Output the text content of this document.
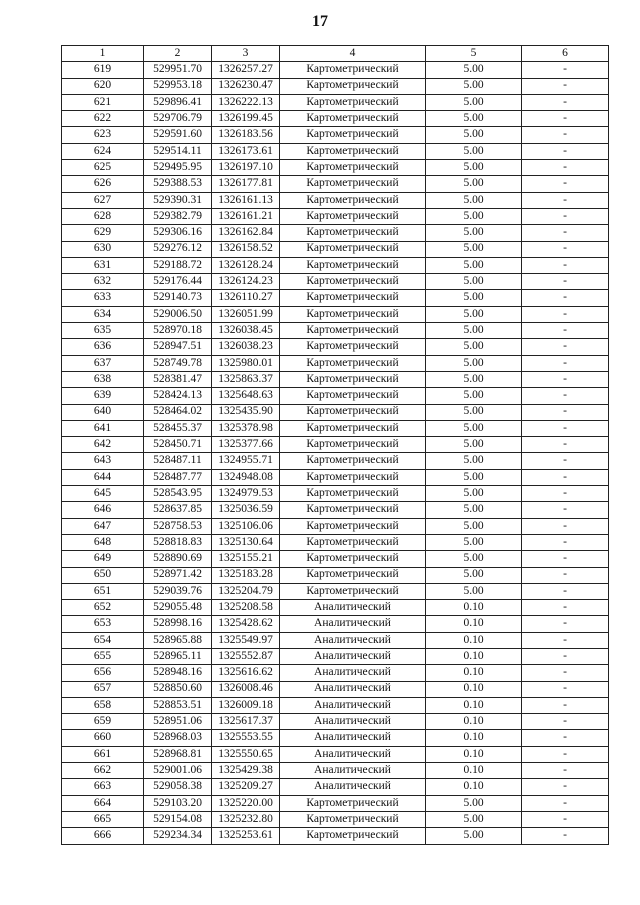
17
1	2	3	4	5	6
619	529951.70	1326257.27	Картометрический	5.00	-
620	529953.18	1326230.47	Картометрический	5.00	-
621	529896.41	1326222.13	Картометрический	5.00	-
622	529706.79	1326199.45	Картометрический	5.00	-
623	529591.60	1326183.56	Картометрический	5.00	-
624	529514.11	1326173.61	Картометрический	5.00	-
625	529495.95	1326197.10	Картометрический	5.00	-
626	529388.53	1326177.81	Картометрический	5.00	-
627	529390.31	1326161.13	Картометрический	5.00	-
628	529382.79	1326161.21	Картометрический	5.00	-
629	529306.16	1326162.84	Картометрический	5.00	-
630	529276.12	1326158.52	Картометрический	5.00	-
631	529188.72	1326128.24	Картометрический	5.00	-
632	529176.44	1326124.23	Картометрический	5.00	-
633	529140.73	1326110.27	Картометрический	5.00	-
634	529006.50	1326051.99	Картометрический	5.00	-
635	528970.18	1326038.45	Картометрический	5.00	-
636	528947.51	1326038.23	Картометрический	5.00	-
637	528749.78	1325980.01	Картометрический	5.00	-
638	528381.47	1325863.37	Картометрический	5.00	-
639	528424.13	1325648.63	Картометрический	5.00	-
640	528464.02	1325435.90	Картометрический	5.00	-
641	528455.37	1325378.98	Картометрический	5.00	-
642	528450.71	1325377.66	Картометрический	5.00	-
643	528487.11	1324955.71	Картометрический	5.00	-
644	528487.77	1324948.08	Картометрический	5.00	-
645	528543.95	1324979.53	Картометрический	5.00	-
646	528637.85	1325036.59	Картометрический	5.00	-
647	528758.53	1325106.06	Картометрический	5.00	-
648	528818.83	1325130.64	Картометрический	5.00	-
649	528890.69	1325155.21	Картометрический	5.00	-
650	528971.42	1325183.28	Картометрический	5.00	-
651	529039.76	1325204.79	Картометрический	5.00	-
652	529055.48	1325208.58	Аналитический	0.10	-
653	528998.16	1325428.62	Аналитический	0.10	-
654	528965.88	1325549.97	Аналитический	0.10	-
655	528965.11	1325552.87	Аналитический	0.10	-
656	528948.16	1325616.62	Аналитический	0.10	-
657	528850.60	1326008.46	Аналитический	0.10	-
658	528853.51	1326009.18	Аналитический	0.10	-
659	528951.06	1325617.37	Аналитический	0.10	-
660	528968.03	1325553.55	Аналитический	0.10	-
661	528968.81	1325550.65	Аналитический	0.10	-
662	529001.06	1325429.38	Аналитический	0.10	-
663	529058.38	1325209.27	Аналитический	0.10	-
664	529103.20	1325220.00	Картометрический	5.00	-
665	529154.08	1325232.80	Картометрический	5.00	-
666	529234.34	1325253.61	Картометрический	5.00	-
